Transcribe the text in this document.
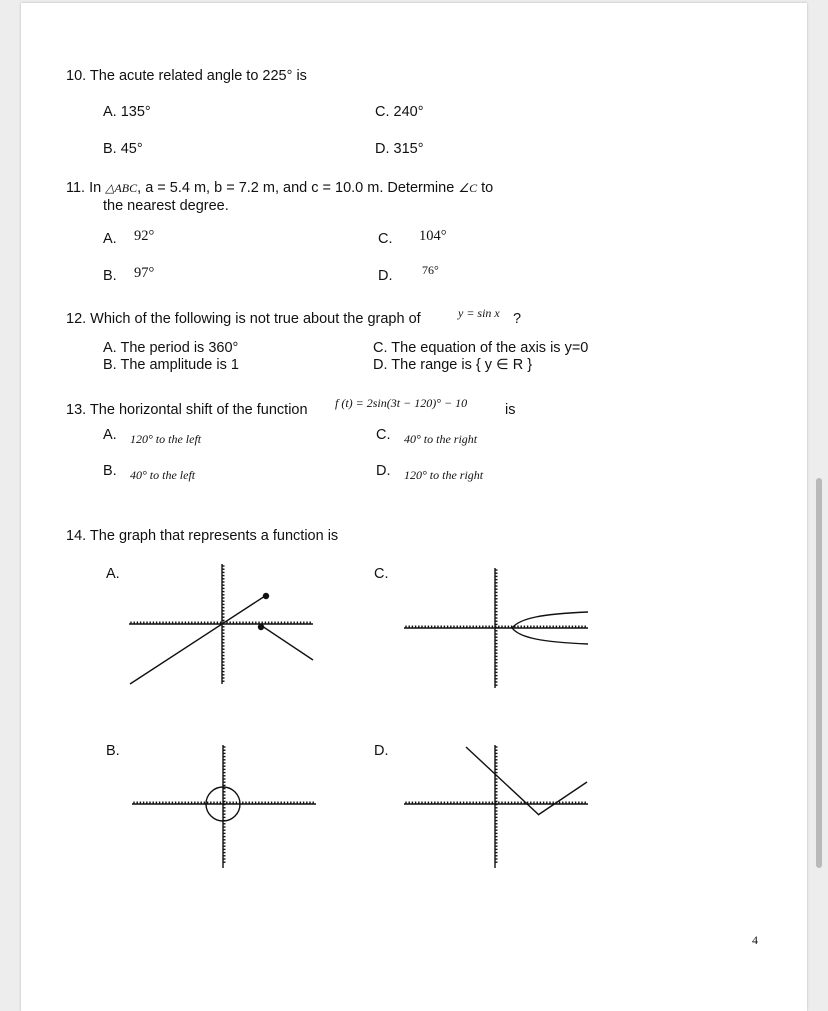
10. The acute related angle to 225° is
A. 135°	C. 240°
B. 45°	D. 315°
11. In △ABC, a = 5.4 m, b = 7.2 m, and c = 10.0 m. Determine ∠C to
the nearest degree.
A. 92°	C. 104°
B. 97°	D. 76°
12. Which of the following is not true about the graph of	y = sin x ?
A. The period is 360°	C. The equation of the axis is y=0
B. The amplitude is 1	D. The range is { y ∈ R }
13. The horizontal shift of the function f (t) = 2sin(3t − 120)° − 10	is
A. 120° to the left	C. 40° to the right
B. 40° to the left	D. 120° to the right
14. The graph that represents a function is
A.	C.
B.	D.
4
